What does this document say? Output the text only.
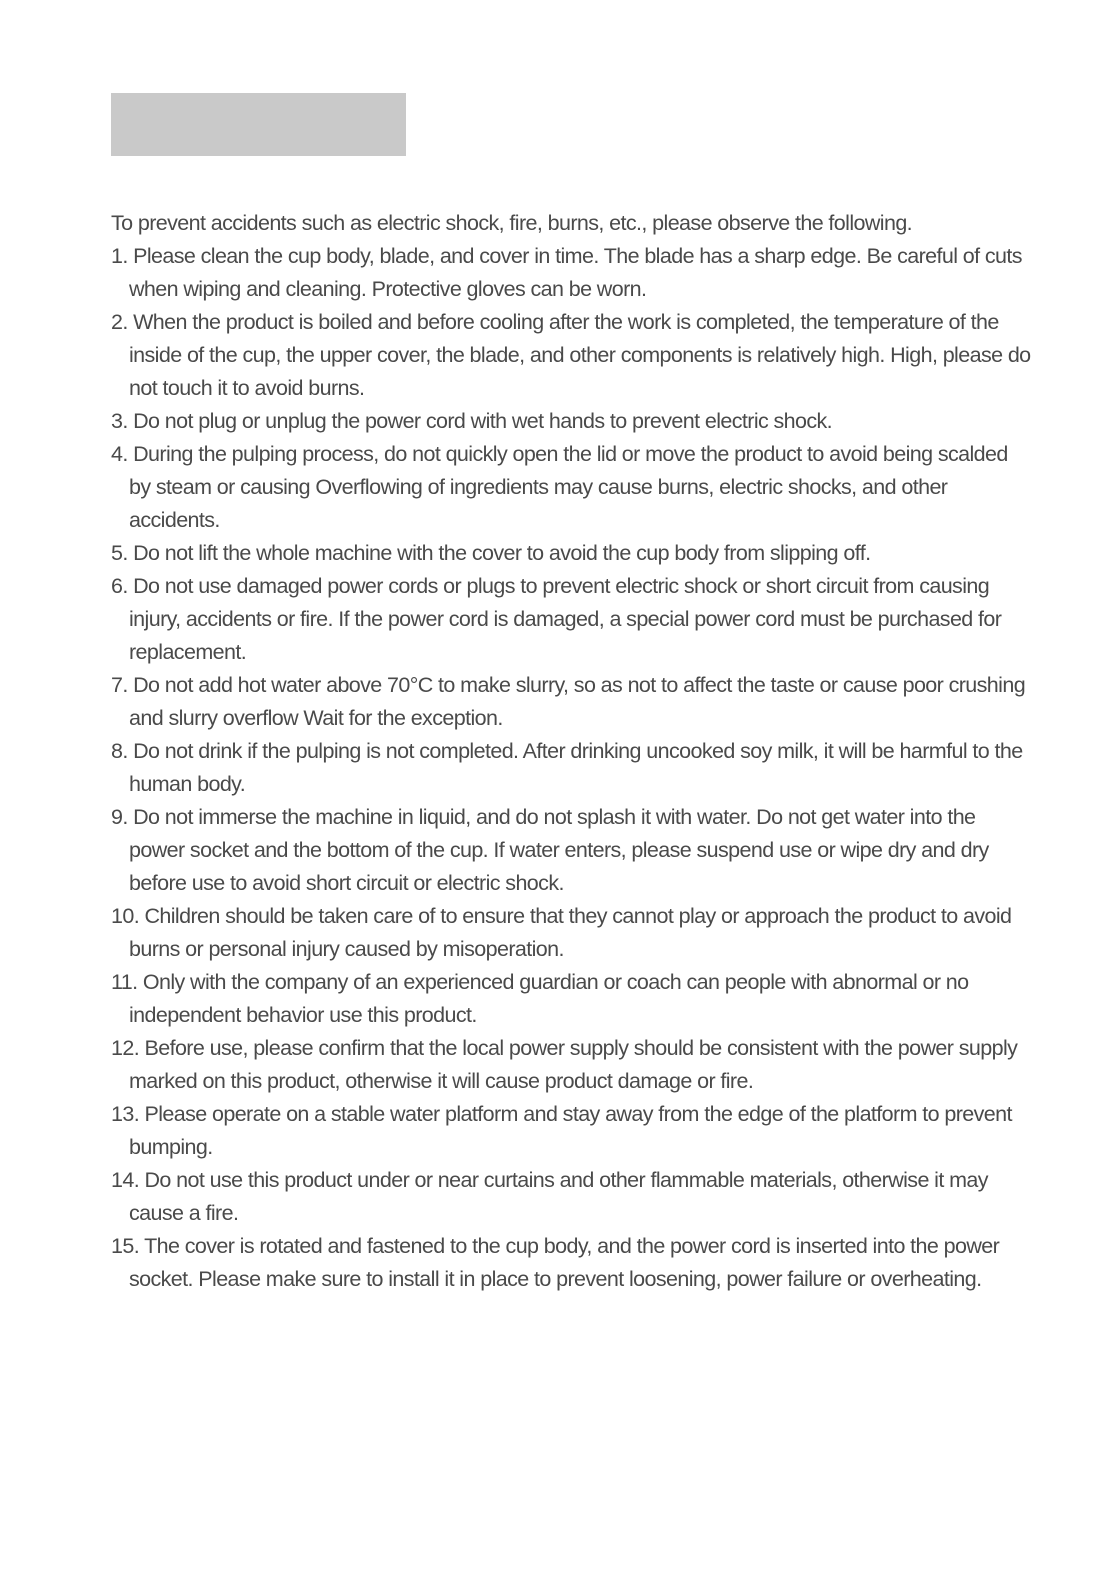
To prevent accidents such as electric shock, fire, burns, etc., please observe the following.

1. Please clean the cup body, blade, and cover in time. The blade has a sharp edge. Be careful of cuts when wiping and cleaning. Protective gloves can be worn.
2. When the product is boiled and before cooling after the work is completed, the temperature of the inside of the cup, the upper cover, the blade, and other components is relatively high. High, please do not touch it to avoid burns.
3. Do not plug or unplug the power cord with wet hands to prevent electric shock.
4. During the pulping process, do not quickly open the lid or move the product to avoid being scalded by steam or causing Overflowing of ingredients may cause burns, electric shocks, and other accidents.
5. Do not lift the whole machine with the cover to avoid the cup body from slipping off.
6. Do not use damaged power cords or plugs to prevent electric shock or short circuit from causing injury, accidents or fire. If the power cord is damaged, a special power cord must be purchased for replacement.
7. Do not add hot water above 70°C to make slurry, so as not to affect the taste or cause poor crushing and slurry overflow Wait for the exception.
8. Do not drink if the pulping is not completed. After drinking uncooked soy milk, it will be harmful to the human body.
9. Do not immerse the machine in liquid, and do not splash it with water. Do not get water into the power socket and the bottom of the cup. If water enters, please suspend use or wipe dry and dry before use to avoid short circuit or electric shock.
10. Children should be taken care of to ensure that they cannot play or approach the product to avoid burns or personal injury caused by misoperation.
11. Only with the company of an experienced guardian or coach can people with abnormal or no independent behavior use this product.
12. Before use, please confirm that the local power supply should be consistent with the power supply marked on this product, otherwise it will cause product damage or fire.
13. Please operate on a stable water platform and stay away from the edge of the platform to prevent bumping.
14. Do not use this product under or near curtains and other flammable materials, otherwise it may cause a fire.
15. The cover is rotated and fastened to the cup body, and the power cord is inserted into the power socket. Please make sure to install it in place to prevent loosening, power failure or overheating.
